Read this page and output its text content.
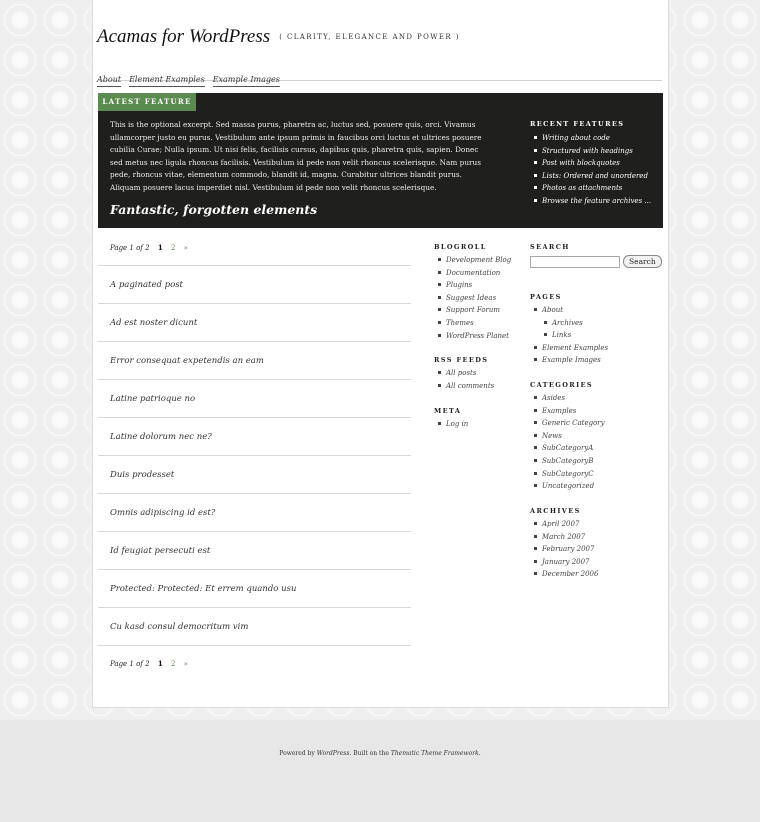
Acamas for WordPress ( CLARITY, ELEGANCE AND POWER )
About Element Examples Example Images
LATEST FEATURE

This is the optional excerpt. Sed massa purus, pharetra ac, luctus sed, posuere quis, orci. Vivamus ullamcorper justo eu purus. Vestibulum ante ipsum primis in faucibus orci luctus et ultrices posuere cubilia Curae; Nulla ipsum. Ut nisi felis, facilisis cursus, dapibus quis, pharetra quis, sapien. Donec sed metus nec ligula rhoncus facilisis. Vestibulum id pede non velit rhoncus scelerisque. Nam purus pede, rhoncus vitae, elementum commodo, blandit id, magna. Curabitur ultrices blandit purus. Aliquam posuere lacus imperdiet nisl. Vestibulum id pede non velit rhoncus scelerisque.

Fantastic, forgotten elements
RECENT FEATURES
Writing about code
Structured with headings
Post with blockquotes
Lists: Ordered and unordered
Photos as attachments
Browse the feature archives ...
Page 1 of 2 1 2 »
A paginated post
Ad est noster dicunt
Error consequat expetendis an eam
Latine patrioque no
Latine dolorum nec ne?
Duis prodesset
Omnis adipiscing id est?
Id feugiat persecuti est
Protected: Protected: Et errem quando usu
Cu kasd consul democritum vim
Page 1 of 2 1 2 »
BLOGROLL
Development Blog
Documentation
Plugins
Suggest Ideas
Support Forum
Themes
WordPress Planet
RSS FEEDS
All posts
All comments
META
Log in
SEARCH
Search
PAGES
About
Archives
Links
Element Examples
Example Images
CATEGORIES
Asides
Examples
Generic Category
News
SubCategoryA
SubCategoryB
SubCategoryC
Uncategorized
ARCHIVES
April 2007
March 2007
February 2007
January 2007
December 2006

Powered by WordPress. Built on the Thematic Theme Framework.
